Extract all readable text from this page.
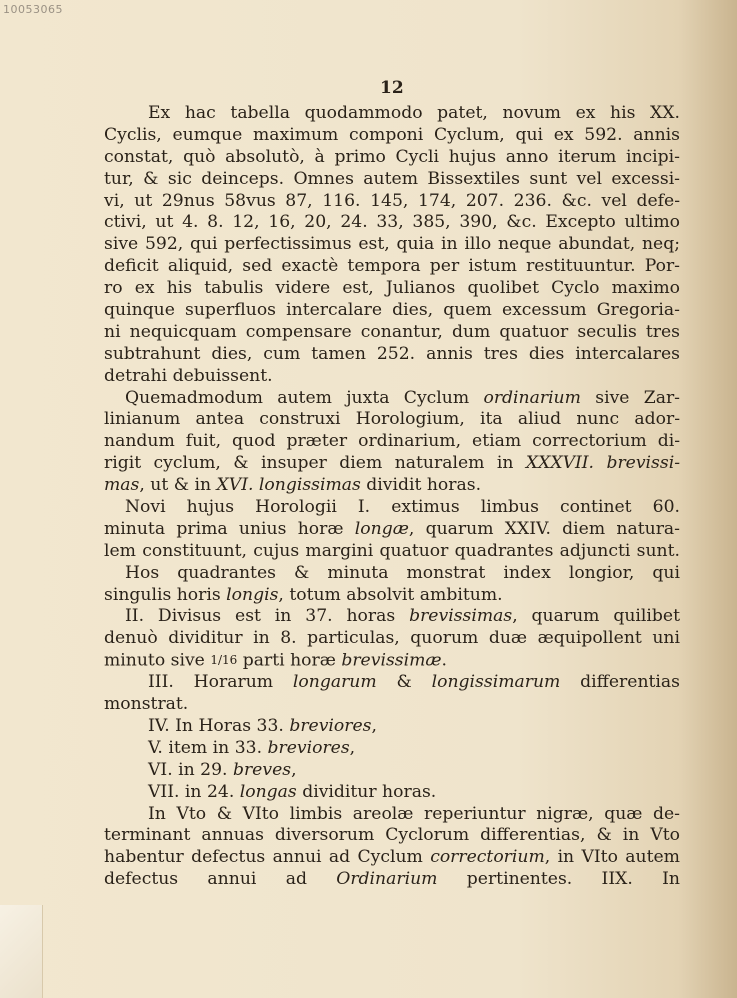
10053065
12
Ex hac tabella quodammodo patet, novum ex his XX.
Cyclis, eumque maximum componi Cyclum, qui ex 592. annis
constat, quò absolutò, à primo Cycli hujus anno iterum incipi-
tur, & sic deinceps. Omnes autem Bissextiles sunt vel excessi-
vi, ut 29nus 58vus 87, 116. 145, 174, 207. 236. &c. vel defe-
ctivi, ut 4. 8. 12, 16, 20, 24. 33, 385, 390, &c. Excepto ultimo
sive 592, qui perfectissimus est, quia in illo neque abundat, neq;
deficit aliquid, sed exactè tempora per istum restituuntur. Por-
ro ex his tabulis videre est, Julianos quolibet Cyclo maximo
quinque superfluos intercalare dies, quem excessum Gregoria-
ni nequicquam compensare conantur, dum quatuor seculis tres
subtrahunt dies, cum tamen 252. annis tres dies intercalares
detrahi debuissent.
Quemadmodum autem juxta Cyclum ordinarium sive Zar-
linianum antea construxi Horologium, ita aliud nunc ador-
nandum fuit, quod præter ordinarium, etiam correctorium di-
rigit cyclum, & insuper diem naturalem in XXXVII. brevissi-
mas, ut & in XVI. longissimas dividit horas.
Novi hujus Horologii I. extimus limbus continet 60.
minuta prima unius horæ longæ, quarum XXIV. diem natura-
lem constituunt, cujus margini quatuor quadrantes adjuncti sunt.
Hos quadrantes & minuta monstrat index longior, qui
singulis horis longis, totum absolvit ambitum.
II. Divisus est in 37. horas brevissimas, quarum quilibet
denuò dividitur in 8. particulas, quorum duæ æquipollent uni
minuto sive 1/16 parti horæ brevissimæ.
III. Horarum longarum & longissimarum differentias
monstrat.
IV. In Horas 33. breviores,
V. item in 33. breviores,
VI. in 29. breves,
VII. in 24. longas dividitur horas.
In Vto & VIto limbis areolæ reperiuntur nigræ, quæ de-
terminant annuas diversorum Cyclorum differentias, & in Vto
habentur defectus annui ad Cyclum correctorium, in VIto autem
defectus annui ad Ordinarium pertinentes. IIX. In
